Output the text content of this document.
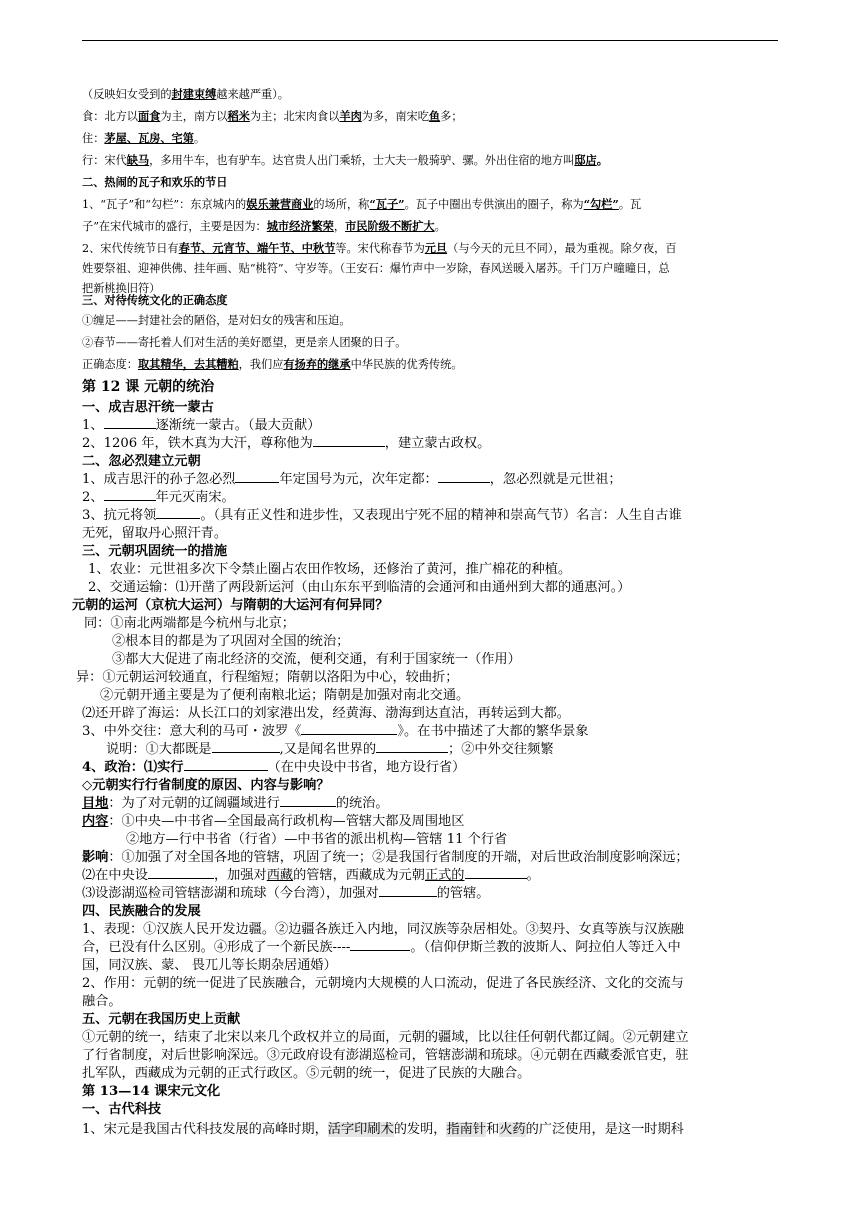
（反映妇女受到的封建束缚越来越严重）。
食：北方以面食为主，南方以稻米为主；北宋肉食以羊肉为多，南宋吃鱼多；
住：茅屋、瓦房、宅第。
行：宋代缺马，多用牛车，也有驴车。达官贵人出门乘轿，士大夫一般骑驴、骡。外出住宿的地方叫邸店。
二、热闹的瓦子和欢乐的节日
1、“瓦子”和“勾栏”：东京城内的娱乐兼营商业的场所，称“瓦子”。瓦子中圈出专供演出的圈子，称为“勾栏”。瓦
子”在宋代城市的盛行，主要是因为：城市经济繁荣，市民阶级不断扩大。
2、宋代传统节日有春节、元宵节、端午节、中秋节等。宋代称春节为元旦（与今天的元旦不同），最为重视。除夕夜，百
姓要祭祖、迎神供佛、挂年画、贴“桃符”、守岁等。（王安石：爆竹声中一岁除，春风送暖入屠苏。千门万户曈曈日，总
把新桃换旧符）
三、对待传统文化的正确态度
①缠足——封建社会的陋俗，是对妇女的残害和压迫。
②春节——寄托着人们对生活的美好愿望，更是亲人团聚的日子。
正确态度：取其精华，去其糟粕，我们应有扬弃的继承中华民族的优秀传统。
第 12 课 元朝的统治
一、成吉思汗统一蒙古
1、	逐渐统一蒙古。（最大贡献）
2、1206 年，铁木真为大汗，尊称他为	，建立蒙古政权。
二、忽必烈建立元朝
1、成吉思汗的孙子忽必烈	年定国号为元，次年定都：	，忽必烈就是元世祖；
2、	年元灭南宋。
3、抗元将领	。（具有正义性和进步性，又表现出宁死不屈的精神和崇高气节）名言：人生自古谁
无死，留取丹心照汗青。
三、元朝巩固统一的措施
1、农业：元世祖多次下令禁止圈占农田作牧场，还修治了黄河，推广棉花的种植。
2、交通运输：⑴开凿了两段新运河（由山东东平到临清的会通河和由通州到大都的通惠河。）
元朝的运河（京杭大运河）与隋朝的大运河有何异同？
同：①南北两端都是今杭州与北京；
②根本目的都是为了巩固对全国的统治；
③都大大促进了南北经济的交流，便利交通，有利于国家统一（作用）
异：①元朝运河较通直，行程缩短；隋朝以洛阳为中心，较曲折；
②元朝开通主要是为了便利南粮北运；隋朝是加强对南北交通。
⑵还开辟了海运：从长江口的刘家港出发，经黄海、渤海到达直沽，再转运到大都。
3、中外交往：意大利的马可・波罗《	》。在书中描述了大都的繁华景象
说明：①大都既是	,又是闻名世界的	；②中外交往频繁
4、政治：⑴实行	（在中央设中书省，地方设行省）
◇元朝实行行省制度的原因、内容与影响？
目地：为了对元朝的辽阔疆域进行	的统治。
内容：①中央—中书省—全国最高行政机构—管辖大都及周围地区
②地方—行中书省（行省）—中书省的派出机构—管辖 11 个行省
影响：①加强了对全国各地的管辖，巩固了统一；②是我国行省制度的开端，对后世政治制度影响深远；
⑵在中央设	，加强对西藏的管辖，西藏成为元朝正式的	。
⑶设澎湖巡检司管辖澎湖和琉球（今台湾），加强对	的管辖。
四、民族融合的发展
1、表现：①汉族人民开发边疆。②边疆各族迁入内地，同汉族等杂居相处。③契丹、女真等族与汉族融
合，已没有什么区别。④形成了一个新民族----	。（信仰伊斯兰教的波斯人、阿拉伯人等迁入中
国，同汉族、蒙、 畏兀儿等长期杂居通婚）
2、作用：元朝的统一促进了民族融合，元朝境内大规模的人口流动，促进了各民族经济、文化的交流与
融合。
五、元朝在我国历史上贡献
①元朝的统一，结束了北宋以来几个政权并立的局面，元朝的疆域，比以往任何朝代都辽阔。②元朝建立
了行省制度，对后世影响深远。③元政府设有澎湖巡检司，管辖澎湖和琉球。④元朝在西藏委派官吏，驻
扎军队，西藏成为元朝的正式行政区。⑤元朝的统一，促进了民族的大融合。
第 13—14 课宋元文化
一、古代科技
1、宋元是我国古代科技发展的高峰时期，活字印刷术的发明，指南针和火药的广泛使用，是这一时期科
